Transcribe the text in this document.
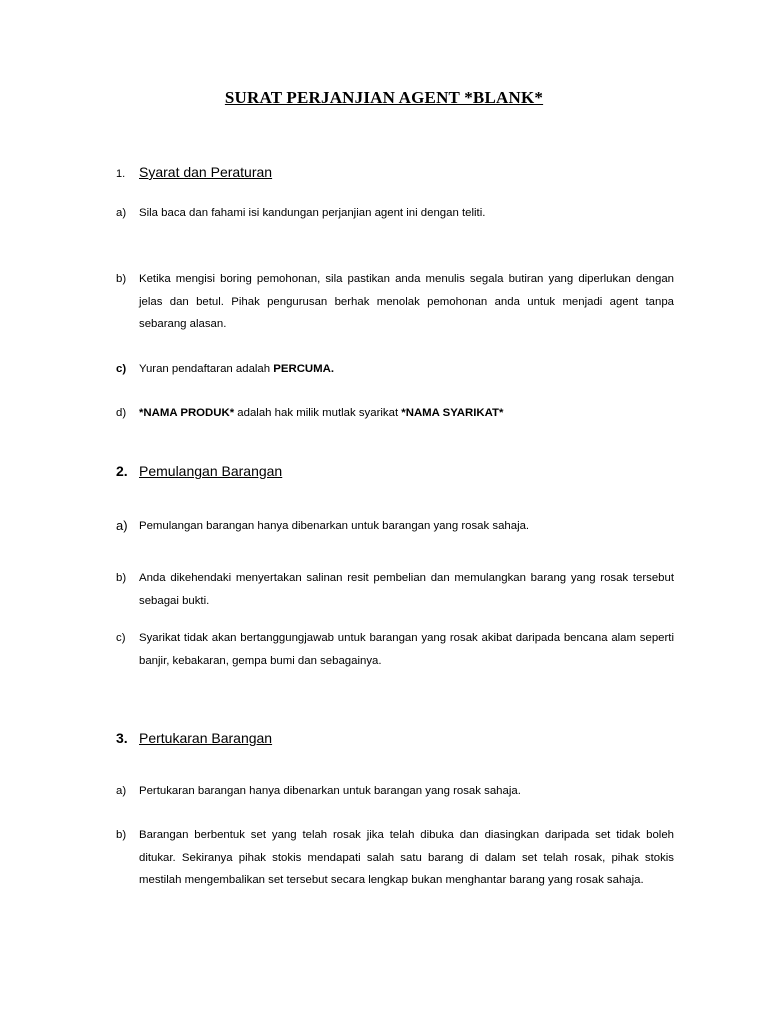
SURAT PERJANJIAN AGENT *BLANK*
1. Syarat dan Peraturan
a)	Sila baca dan fahami isi kandungan perjanjian agent ini dengan teliti.
b)	Ketika mengisi boring pemohonan, sila pastikan anda menulis segala butiran yang diperlukan dengan jelas dan betul. Pihak pengurusan berhak menolak pemohonan anda untuk menjadi agent tanpa sebarang alasan.
c)	Yuran pendaftaran adalah PERCUMA.
d)	*NAMA PRODUK* adalah hak milik mutlak syarikat *NAMA SYARIKAT*
2. Pemulangan Barangan
a)	Pemulangan barangan hanya dibenarkan untuk barangan yang rosak sahaja.
b)	Anda dikehendaki menyertakan salinan resit pembelian dan memulangkan barang yang rosak tersebut sebagai bukti.
c)	Syarikat tidak akan bertanggungjawab untuk barangan yang rosak akibat daripada bencana alam seperti banjir, kebakaran, gempa bumi dan sebagainya.
3. Pertukaran Barangan
a)	Pertukaran barangan hanya dibenarkan untuk barangan yang rosak sahaja.
b)	Barangan berbentuk set yang telah rosak jika telah dibuka dan diasingkan daripada set tidak boleh ditukar. Sekiranya pihak stokis mendapati salah satu barang di dalam set telah rosak, pihak stokis mestilah mengembalikan set tersebut secara lengkap bukan menghantar barang yang rosak sahaja.
